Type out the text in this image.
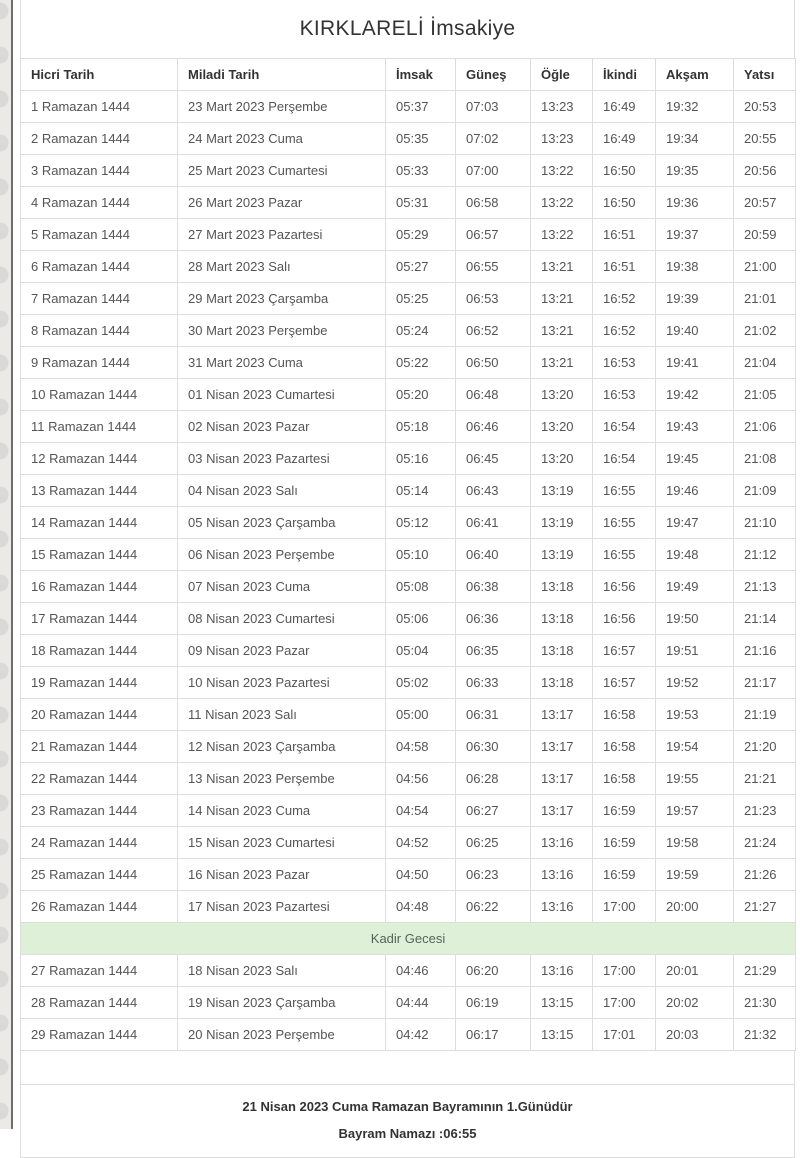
KIRKLARELİ İmsakiye
Hicri Tarih	Miladi Tarih	İmsak	Güneş	Öğle	İkindi	Akşam	Yatsı
1 Ramazan 1444	23 Mart 2023 Perşembe	05:37	07:03	13:23	16:49	19:32	20:53
2 Ramazan 1444	24 Mart 2023 Cuma	05:35	07:02	13:23	16:49	19:34	20:55
3 Ramazan 1444	25 Mart 2023 Cumartesi	05:33	07:00	13:22	16:50	19:35	20:56
4 Ramazan 1444	26 Mart 2023 Pazar	05:31	06:58	13:22	16:50	19:36	20:57
5 Ramazan 1444	27 Mart 2023 Pazartesi	05:29	06:57	13:22	16:51	19:37	20:59
6 Ramazan 1444	28 Mart 2023 Salı	05:27	06:55	13:21	16:51	19:38	21:00
7 Ramazan 1444	29 Mart 2023 Çarşamba	05:25	06:53	13:21	16:52	19:39	21:01
8 Ramazan 1444	30 Mart 2023 Perşembe	05:24	06:52	13:21	16:52	19:40	21:02
9 Ramazan 1444	31 Mart 2023 Cuma	05:22	06:50	13:21	16:53	19:41	21:04
10 Ramazan 1444	01 Nisan 2023 Cumartesi	05:20	06:48	13:20	16:53	19:42	21:05
11 Ramazan 1444	02 Nisan 2023 Pazar	05:18	06:46	13:20	16:54	19:43	21:06
12 Ramazan 1444	03 Nisan 2023 Pazartesi	05:16	06:45	13:20	16:54	19:45	21:08
13 Ramazan 1444	04 Nisan 2023 Salı	05:14	06:43	13:19	16:55	19:46	21:09
14 Ramazan 1444	05 Nisan 2023 Çarşamba	05:12	06:41	13:19	16:55	19:47	21:10
15 Ramazan 1444	06 Nisan 2023 Perşembe	05:10	06:40	13:19	16:55	19:48	21:12
16 Ramazan 1444	07 Nisan 2023 Cuma	05:08	06:38	13:18	16:56	19:49	21:13
17 Ramazan 1444	08 Nisan 2023 Cumartesi	05:06	06:36	13:18	16:56	19:50	21:14
18 Ramazan 1444	09 Nisan 2023 Pazar	05:04	06:35	13:18	16:57	19:51	21:16
19 Ramazan 1444	10 Nisan 2023 Pazartesi	05:02	06:33	13:18	16:57	19:52	21:17
20 Ramazan 1444	11 Nisan 2023 Salı	05:00	06:31	13:17	16:58	19:53	21:19
21 Ramazan 1444	12 Nisan 2023 Çarşamba	04:58	06:30	13:17	16:58	19:54	21:20
22 Ramazan 1444	13 Nisan 2023 Perşembe	04:56	06:28	13:17	16:58	19:55	21:21
23 Ramazan 1444	14 Nisan 2023 Cuma	04:54	06:27	13:17	16:59	19:57	21:23
24 Ramazan 1444	15 Nisan 2023 Cumartesi	04:52	06:25	13:16	16:59	19:58	21:24
25 Ramazan 1444	16 Nisan 2023 Pazar	04:50	06:23	13:16	16:59	19:59	21:26
26 Ramazan 1444	17 Nisan 2023 Pazartesi	04:48	06:22	13:16	17:00	20:00	21:27
Kadir Gecesi							
27 Ramazan 1444	18 Nisan 2023 Salı	04:46	06:20	13:16	17:00	20:01	21:29
28 Ramazan 1444	19 Nisan 2023 Çarşamba	04:44	06:19	13:15	17:00	20:02	21:30
29 Ramazan 1444	20 Nisan 2023 Perşembe	04:42	06:17	13:15	17:01	20:03	21:32

21 Nisan 2023 Cuma Ramazan Bayramının 1.Günüdür

Bayram Namazı :06:55
